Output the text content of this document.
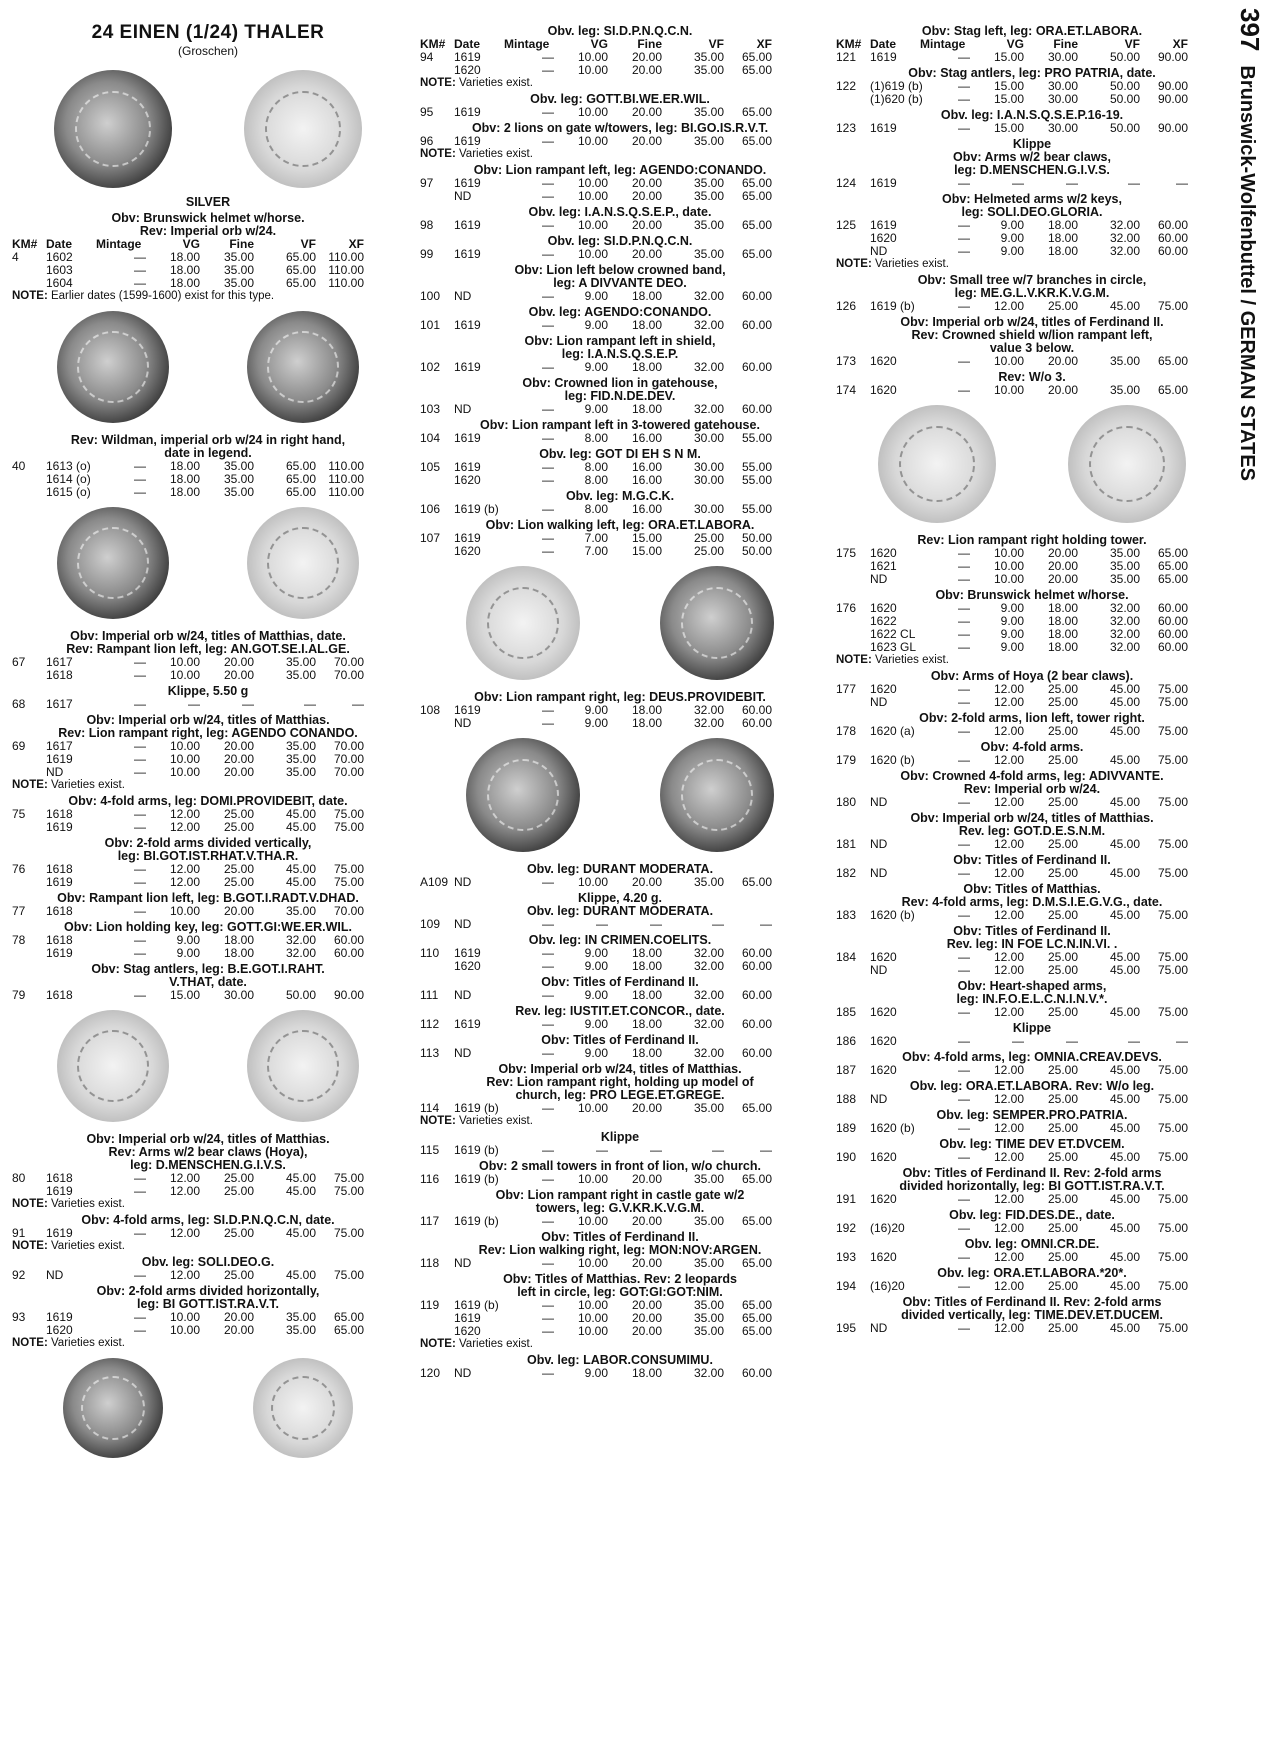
397Brunswick-Wolfenbuttel / GERMAN STATES
24 EINEN (1/24) THALER
(Groschen)
SILVER
Obv: Brunswick helmet w/horse.
Rev: Imperial orb w/24.
KM# Date	Mintage	VG	Fine	VF	XF
4	1602	—	18.00	35.00	65.00	110.00
1603	—	18.00	35.00	65.00	110.00
1604	—	18.00	35.00	65.00	110.00
NOTE: Earlier dates (1599-1600) exist for this type.
Rev: Wildman, imperial orb w/24 in right hand,
date in legend.
40	1613 (o)	—	18.00	35.00	65.00	110.00
1614 (o)	—	18.00	35.00	65.00	110.00
1615 (o)	—	18.00	35.00	65.00	110.00
Obv: Imperial orb w/24, titles of Matthias, date.
Rev: Rampant lion left, leg: AN.GOT.SE.I.AL.GE.
67	1617	—	10.00	20.00	35.00	70.00
1618	—	10.00	20.00	35.00	70.00
Klippe, 5.50 g
68	1617	—	—	—	—	—
Obv: Imperial orb w/24, titles of Matthias.
Rev: Lion rampant right, leg: AGENDO CONANDO.
69	1617	—	10.00	20.00	35.00	70.00
1619	—	10.00	20.00	35.00	70.00
ND	—	10.00	20.00	35.00	70.00
NOTE: Varieties exist.
Obv: 4-fold arms, leg: DOMI.PROVIDEBIT, date.
75	1618	—	12.00	25.00	45.00	75.00
1619	—	12.00	25.00	45.00	75.00
Obv: 2-fold arms divided vertically,
leg: BI.GOT.IST.RHAT.V.THA.R.
76	1618	—	12.00	25.00	45.00	75.00
1619	—	12.00	25.00	45.00	75.00
Obv: Rampant lion left, leg: B.GOT.I.RADT.V.DHAD.
77	1618	—	10.00	20.00	35.00	70.00
Obv: Lion holding key, leg: GOTT.GI:WE.ER.WIL.
78	1618	—	9.00	18.00	32.00	60.00
1619	—	9.00	18.00	32.00	60.00
Obv: Stag antlers, leg: B.E.GOT.I.RAHT.
V.THAT, date.
79	1618	—	15.00	30.00	50.00	90.00
Obv: Imperial orb w/24, titles of Matthias.
Rev: Arms w/2 bear claws (Hoya),
leg: D.MENSCHEN.G.I.V.S.
80	1618	—	12.00	25.00	45.00	75.00
1619	—	12.00	25.00	45.00	75.00
NOTE: Varieties exist.
Obv: 4-fold arms, leg: SI.D.P.N.Q.C.N, date.
91	1619	—	12.00	25.00	45.00	75.00
NOTE: Varieties exist.
Obv. leg: SOLI.DEO.G.
92	ND	—	12.00	25.00	45.00	75.00
Obv: 2-fold arms divided horizontally,
leg: BI GOTT.IST.RA.V.T.
93	1619	—	10.00	20.00	35.00	65.00
1620	—	10.00	20.00	35.00	65.00
NOTE: Varieties exist.
Obv. leg: SI.D.P.N.Q.C.N.
KM# Date	Mintage	VG	Fine	VF	XF
94	1619	—	10.00	20.00	35.00	65.00
1620	—	10.00	20.00	35.00	65.00
NOTE: Varieties exist.
Obv. leg: GOTT.BI.WE.ER.WIL.
95	1619	—	10.00	20.00	35.00	65.00
Obv: 2 lions on gate w/towers, leg: BI.GO.IS.R.V.T.
96	1619	—	10.00	20.00	35.00	65.00
NOTE: Varieties exist.
Obv: Lion rampant left, leg: AGENDO:CONANDO.
97	1619	—	10.00	20.00	35.00	65.00
ND	—	10.00	20.00	35.00	65.00
Obv. leg: I.A.N.S.Q.S.E.P., date.
98	1619	—	10.00	20.00	35.00	65.00
Obv. leg: SI.D.P.N.Q.C.N.
99	1619	—	10.00	20.00	35.00	65.00
Obv: Lion left below crowned band,
leg: A DIVVANTE DEO.
100	ND	—	9.00	18.00	32.00	60.00
Obv. leg: AGENDO:CONANDO.
101	1619	—	9.00	18.00	32.00	60.00
Obv: Lion rampant left in shield,
leg: I.A.N.S.Q.S.E.P.
102	1619	—	9.00	18.00	32.00	60.00
Obv: Crowned lion in gatehouse,
leg: FID.N.DE.DEV.
103	ND	—	9.00	18.00	32.00	60.00
Obv: Lion rampant left in 3-towered gatehouse.
104	1619	—	8.00	16.00	30.00	55.00
Obv. leg: GOT DI EH S N M.
105	1619	—	8.00	16.00	30.00	55.00
1620	—	8.00	16.00	30.00	55.00
Obv. leg: M.G.C.K.
106	1619 (b)	—	8.00	16.00	30.00	55.00
Obv: Lion walking left, leg: ORA.ET.LABORA.
107	1619	—	7.00	15.00	25.00	50.00
1620	—	7.00	15.00	25.00	50.00
Obv: Lion rampant right, leg: DEUS.PROVIDEBIT.
108	1619	—	9.00	18.00	32.00	60.00
ND	—	9.00	18.00	32.00	60.00
Obv. leg: DURANT MODERATA.
A109 ND	—	10.00	20.00	35.00	65.00
Klippe, 4.20 g.
Obv. leg: DURANT MODERATA.
109	ND	—	—	—	—	—
Obv. leg: IN CRIMEN.COELITS.
110	1619	—	9.00	18.00	32.00	60.00
1620	—	9.00	18.00	32.00	60.00
Obv: Titles of Ferdinand II.
111	ND	—	9.00	18.00	32.00	60.00
Rev. leg: IUSTIT.ET.CONCOR., date.
112	1619	—	9.00	18.00	32.00	60.00
Obv: Titles of Ferdinand II.
113	ND	—	9.00	18.00	32.00	60.00
Obv: Imperial orb w/24, titles of Matthias.
Rev: Lion rampant right, holding up model of
church, leg: PRO LEGE.ET.GREGE.
114	1619 (b)	—	10.00	20.00	35.00	65.00
NOTE: Varieties exist.
Klippe
115	1619 (b)	—	—	—	—	—
Obv: 2 small towers in front of lion, w/o church.
116	1619 (b)	—	10.00	20.00	35.00	65.00
Obv: Lion rampant right in castle gate w/2
towers, leg: G.V.KR.K.V.G.M.
117	1619 (b)	—	10.00	20.00	35.00	65.00
Obv: Titles of Ferdinand II.
Rev: Lion walking right, leg: MON:NOV:ARGEN.
118	ND	—	10.00	20.00	35.00	65.00
Obv: Titles of Matthias. Rev: 2 leopards
left in circle, leg: GOT:GI:GOT:NIM.
119	1619 (b)	—	10.00	20.00	35.00	65.00
1619	—	10.00	20.00	35.00	65.00
1620	—	10.00	20.00	35.00	65.00
NOTE: Varieties exist.
Obv. leg: LABOR.CONSUMIMU.
120	ND	—	9.00	18.00	32.00	60.00
Obv: Stag left, leg: ORA.ET.LABORA.
KM# Date	Mintage	VG	Fine	VF	XF
121	1619	—	15.00	30.00	50.00	90.00
Obv: Stag antlers, leg: PRO PATRIA, date.
122	(1)619 (b)	—	15.00	30.00	50.00	90.00
(1)620 (b)	—	15.00	30.00	50.00	90.00
Obv. leg: I.A.N.S.Q.S.E.P.16-19.
123	1619	—	15.00	30.00	50.00	90.00
Klippe
Obv: Arms w/2 bear claws,
leg: D.MENSCHEN.G.I.V.S.
124	1619	—	—	—	—	—
Obv: Helmeted arms w/2 keys,
leg: SOLI.DEO.GLORIA.
125	1619	—	9.00	18.00	32.00	60.00
1620	—	9.00	18.00	32.00	60.00
ND	—	9.00	18.00	32.00	60.00
NOTE: Varieties exist.
Obv: Small tree w/7 branches in circle,
leg: ME.G.L.V.KR.K.V.G.M.
126	1619 (b)	—	12.00	25.00	45.00	75.00
Obv: Imperial orb w/24, titles of Ferdinand II.
Rev: Crowned shield w/lion rampant left,
value 3 below.
173	1620	—	10.00	20.00	35.00	65.00
Rev: W/o 3.
174	1620	—	10.00	20.00	35.00	65.00
Rev: Lion rampant right holding tower.
175	1620	—	10.00	20.00	35.00	65.00
1621	—	10.00	20.00	35.00	65.00
ND	—	10.00	20.00	35.00	65.00
Obv: Brunswick helmet w/horse.
176	1620	—	9.00	18.00	32.00	60.00
1622	—	9.00	18.00	32.00	60.00
1622 CL	—	9.00	18.00	32.00	60.00
1623 GL	—	9.00	18.00	32.00	60.00
NOTE: Varieties exist.
Obv: Arms of Hoya (2 bear claws).
177	1620	—	12.00	25.00	45.00	75.00
ND	—	12.00	25.00	45.00	75.00
Obv: 2-fold arms, lion left, tower right.
178	1620 (a)	—	12.00	25.00	45.00	75.00
Obv: 4-fold arms.
179	1620 (b)	—	12.00	25.00	45.00	75.00
Obv: Crowned 4-fold arms, leg: ADIVVANTE.
Rev: Imperial orb w/24.
180	ND	—	12.00	25.00	45.00	75.00
Obv: Imperial orb w/24, titles of Matthias.
Rev. leg: GOT.D.E.S.N.M.
181	ND	—	12.00	25.00	45.00	75.00
Obv: Titles of Ferdinand II.
182	ND	—	12.00	25.00	45.00	75.00
Obv: Titles of Matthias.
Rev: 4-fold arms, leg: D.M.S.I.E.G.V.G., date.
183	1620 (b)	—	12.00	25.00	45.00	75.00
Obv: Titles of Ferdinand II.
Rev. leg: IN FOE LC.N.IN.VI. .
184	1620	—	12.00	25.00	45.00	75.00
ND	—	12.00	25.00	45.00	75.00
Obv: Heart-shaped arms,
leg: IN.F.O.E.L.C.N.I.N.V.*.
185	1620	—	12.00	25.00	45.00	75.00
Klippe
186	1620	—	—	—	—	—
Obv: 4-fold arms, leg: OMNIA.CREAV.DEVS.
187	1620	—	12.00	25.00	45.00	75.00
Obv. leg: ORA.ET.LABORA. Rev: W/o leg.
188	ND	—	12.00	25.00	45.00	75.00
Obv. leg: SEMPER.PRO.PATRIA.
189	1620 (b)	—	12.00	25.00	45.00	75.00
Obv. leg: TIME DEV ET.DVCEM.
190	1620	—	12.00	25.00	45.00	75.00
Obv: Titles of Ferdinand II. Rev: 2-fold arms
divided horizontally, leg: BI GOTT.IST.RA.V.T.
191	1620	—	12.00	25.00	45.00	75.00
Obv. leg: FID.DES.DE., date.
192	(16)20	—	12.00	25.00	45.00	75.00
Obv. leg: OMNI.CR.DE.
193	1620	—	12.00	25.00	45.00	75.00
Obv. leg: ORA.ET.LABORA.*20*.
194	(16)20	—	12.00	25.00	45.00	75.00
Obv: Titles of Ferdinand II. Rev: 2-fold arms
divided vertically, leg: TIME.DEV.ET.DUCEM.
195	ND	—	12.00	25.00	45.00	75.00
